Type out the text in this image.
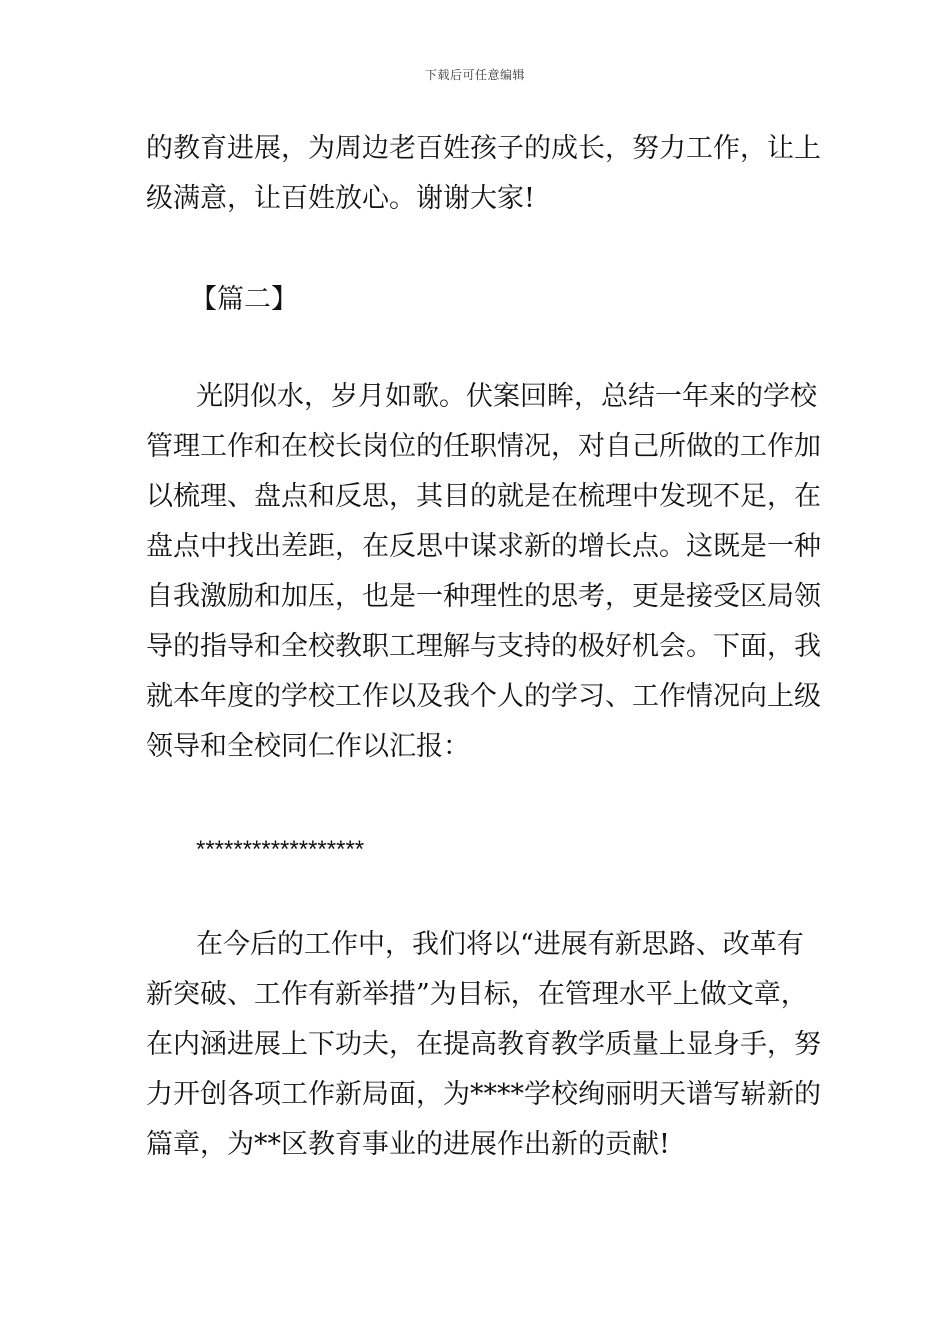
下载后可任意编辑
的教育进展，为周边老百姓孩子的成长，努力工作，让上
级满意，让百姓放心。谢谢大家!
【篇二】
光阴似水，岁月如歌。伏案回眸，总结一年来的学校
管理工作和在校长岗位的任职情况，对自己所做的工作加
以梳理、盘点和反思，其目的就是在梳理中发现不足，在
盘点中找出差距，在反思中谋求新的增长点。这既是一种
自我激励和加压，也是一种理性的思考，更是接受区局领
导的指导和全校教职工理解与支持的极好机会。下面，我
就本年度的学校工作以及我个人的学习、工作情况向上级
领导和全校同仁作以汇报：
******************
在今后的工作中，我们将以“进展有新思路、改革有
新突破、工作有新举措”为目标，在管理水平上做文章，
在内涵进展上下功夫，在提高教育教学质量上显身手，努
力开创各项工作新局面，为****学校绚丽明天谱写崭新的
篇章，为**区教育事业的进展作出新的贡献!
